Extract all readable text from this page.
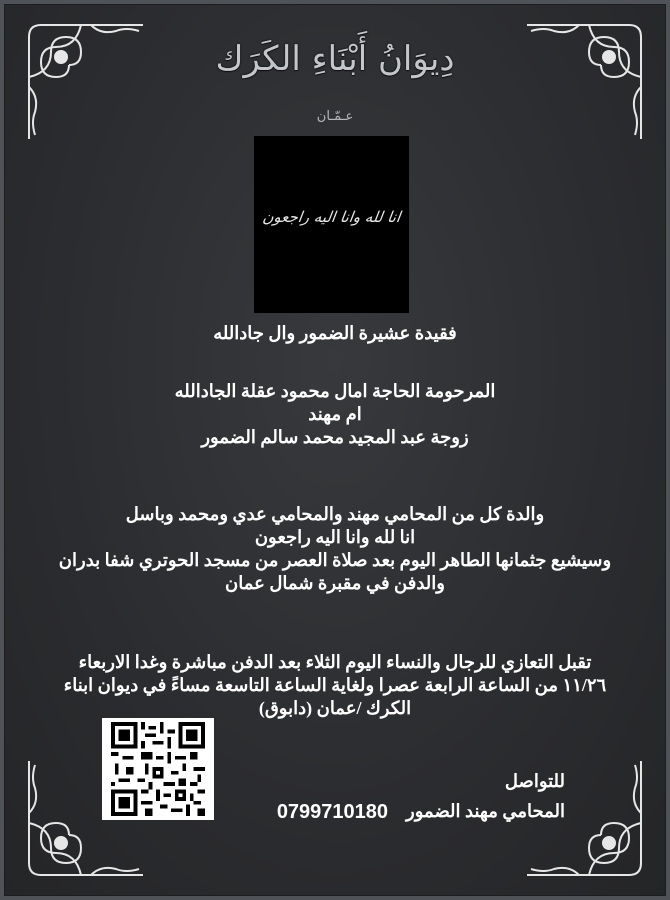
دِيوَانُ أَبْنَاءِ الكَرَك
عـمّـان
انا لله وانا اليه راجعون
فقيدة عشيرة الضمور وال جادالله
المرحومة الحاجة امال محمود عقلة الجادالله
ام مهند
زوجة عبد المجيد محمد سالم الضمور
والدة كل من المحامي مهند والمحامي عدي ومحمد وباسل
انا لله وانا اليه راجعون
وسيشيع جثمانها الطاهر اليوم بعد صلاة العصر من مسجد الحوتري شفا بدران
والدفن في مقبرة شمال عمان
تقبل التعازي للرجال والنساء اليوم الثلاء بعد الدفن مباشرة وغدا الاربعاء
١١/٢٦ من الساعة الرابعة عصرا ولغاية الساعة التاسعة مساءً في ديوان ابناء
الكرك /عمان (دابوق)
للتواصل
المحامي مهند الضمور
0799710180
